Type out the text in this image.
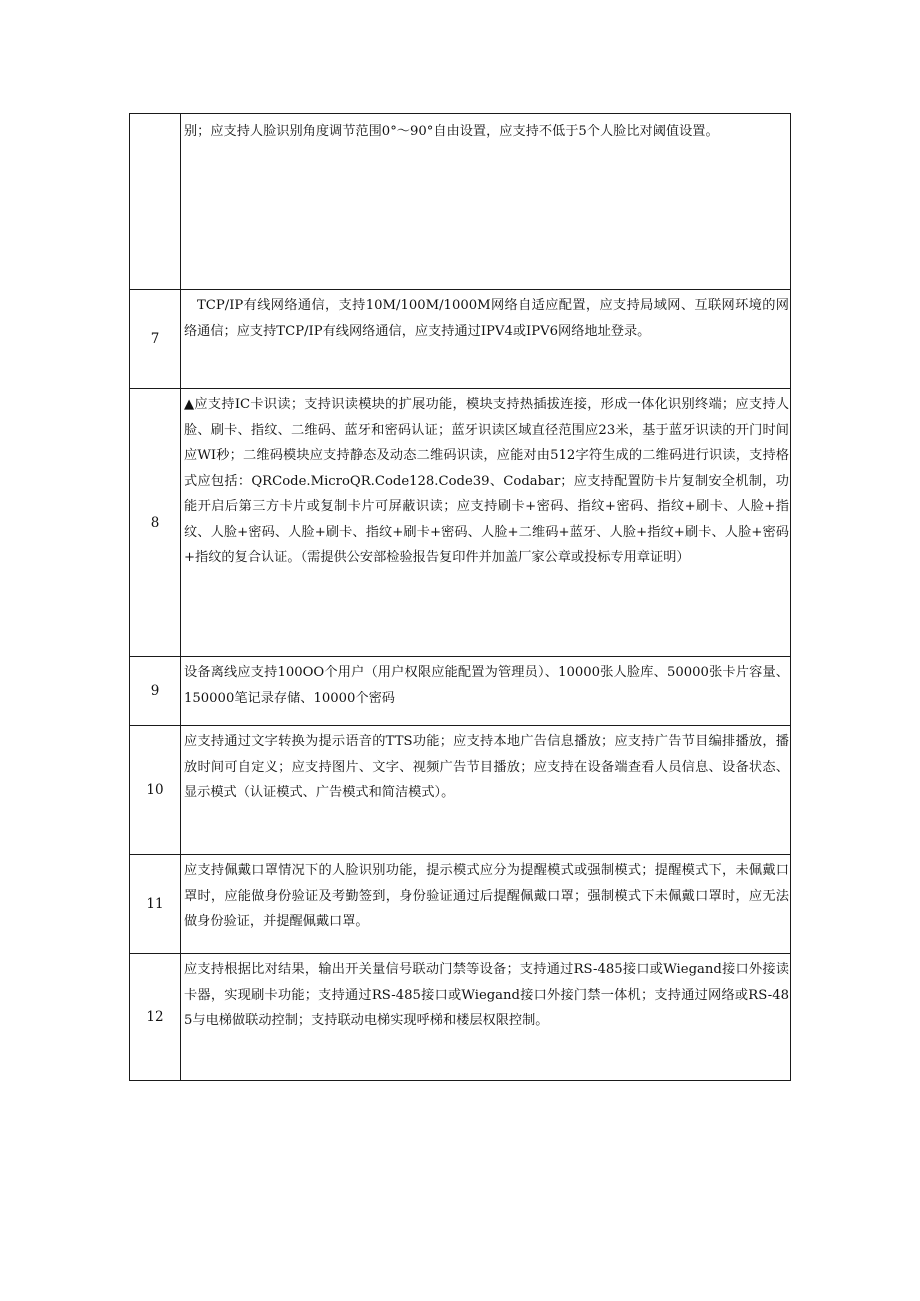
	别；应支持人脸识别角度调节范围0°～90°自由设置，应支持不低于5个人脸比对阈值设置。

7	TCP/IP有线网络通信，支持10M/100M/1000M网络自适应配置，应支持局域网、互联网环境的网络通信；应支持TCP/IP有线网络通信，应支持通过IPV4或IPV6网络地址登录。

8	▲应支持IC卡识读；支持识读模块的扩展功能，模块支持热插拔连接，形成一体化识别终端；应支持人脸、刷卡、指纹、二维码、蓝牙和密码认证；蓝牙识读区域直径范围应23米，基于蓝牙识读的开门时间应WI秒；二维码模块应支持静态及动态二维码识读，应能对由512字符生成的二维码进行识读，支持格式应包括：QRCode.MicroQR.Code128.Code39、Codabar；应支持配置防卡片复制安全机制，功能开启后第三方卡片或复制卡片可屏蔽识读；应支持刷卡+密码、指纹+密码、指纹+刷卡、人脸+指纹、人脸+密码、人脸+刷卡、指纹+刷卡+密码、人脸+二维码+蓝牙、人脸+指纹+刷卡、人脸+密码+指纹的复合认证。（需提供公安部检验报告复印件并加盖厂家公章或投标专用章证明）

9	设备离线应支持100OO个用户（用户权限应能配置为管理员）、10000张人脸库、50000张卡片容量、150000笔记录存储、10000个密码

10	应支持通过文字转换为提示语音的TTS功能；应支持本地广告信息播放；应支持广告节目编排播放，播放时间可自定义；应支持图片、文字、视频广告节目播放；应支持在设备端查看人员信息、设备状态、显示模式（认证模式、广告模式和简洁模式）。

11	应支持佩戴口罩情况下的人脸识别功能，提示模式应分为提醒模式或强制模式；提醒模式下，未佩戴口罩时，应能做身份验证及考勤签到，身份验证通过后提醒佩戴口罩；强制模式下未佩戴口罩时，应无法做身份验证，并提醒佩戴口罩。

12	应支持根据比对结果，输出开关量信号联动门禁等设备；支持通过RS-485接口或Wiegand接口外接读卡器，实现刷卡功能；支持通过RS-485接口或Wiegand接口外接门禁一体机；支持通过网络或RS-485与电梯做联动控制；支持联动电梯实现呼梯和楼层权限控制。
